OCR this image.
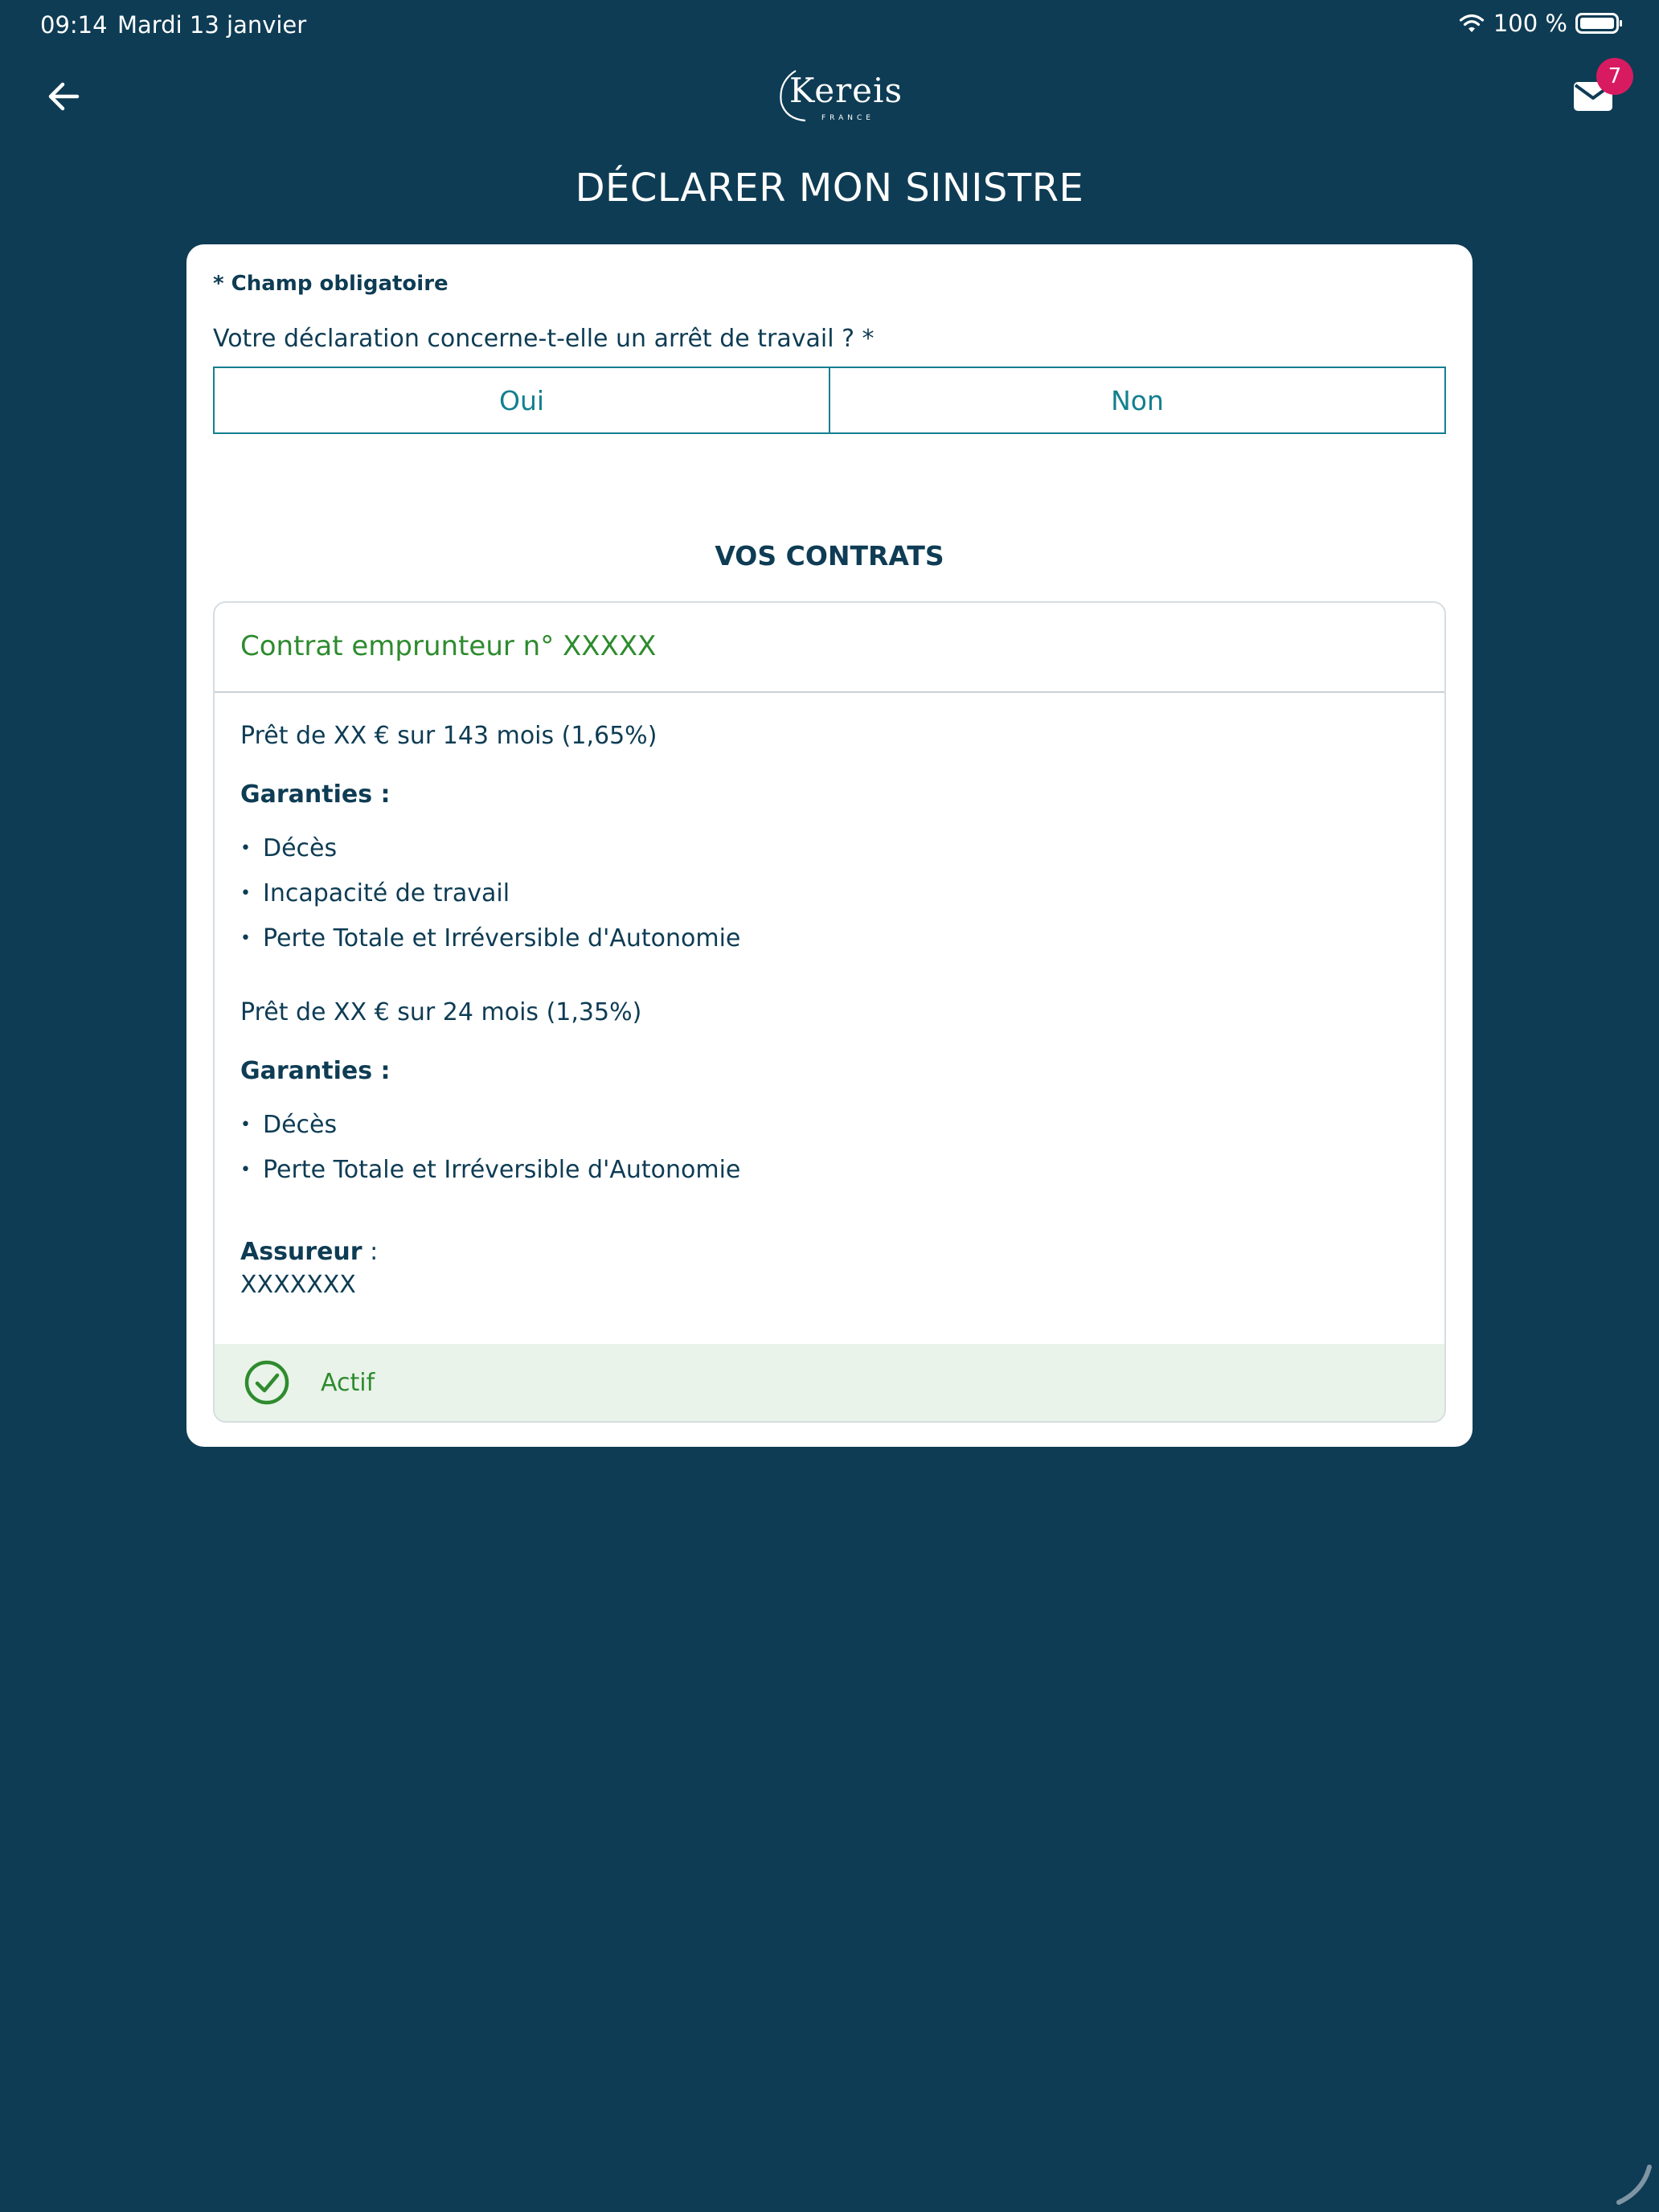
09:14 Mardi 13 janvier	100 %
Kereis
FRANCE
7
DÉCLARER MON SINISTRE
* Champ obligatoire
Votre déclaration concerne-t-elle un arrêt de travail ? *
Oui	Non
VOS CONTRATS
Contrat emprunteur n° XXXXX
Prêt de XX € sur 143 mois (1,65%)
Garanties :
• Décès
• Incapacité de travail
• Perte Totale et Irréversible d'Autonomie
Prêt de XX € sur 24 mois (1,35%)
Garanties :
• Décès
• Perte Totale et Irréversible d'Autonomie
Assureur :
XXXXXXX
Actif
